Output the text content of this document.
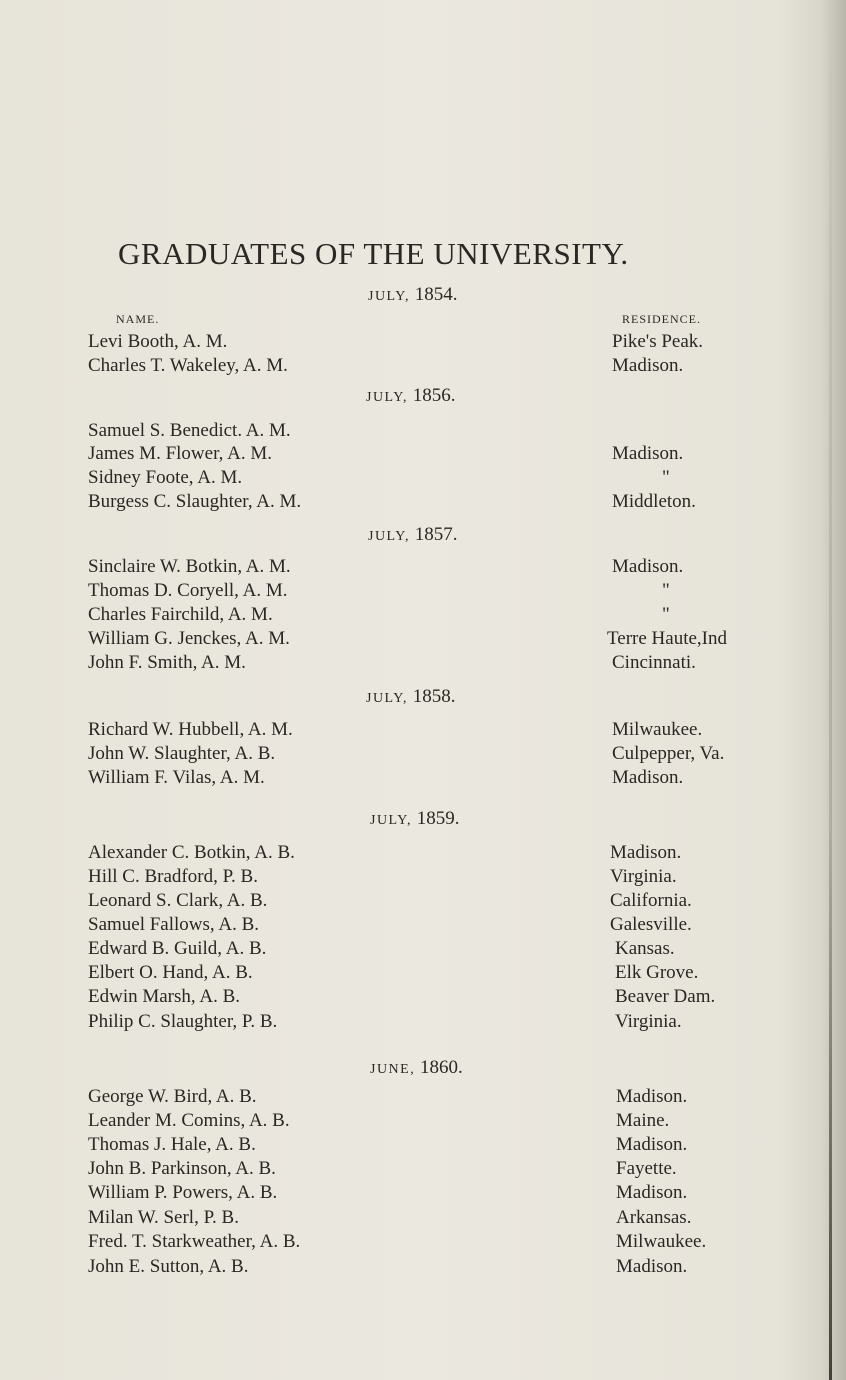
GRADUATES OF THE UNIVERSITY.
NAME.	RESIDENCE.
JULY, 1854.
Levi Booth, A. M.	Pike's Peak.
Charles T. Wakeley, A. M.	Madison.
JULY, 1856.
Samuel S. Benedict. A. M.
James M. Flower, A. M.	Madison.
Sidney Foote, A. M.	"
Burgess C. Slaughter, A. M.	Middleton.
JULY, 1857.
Sinclaire W. Botkin, A. M.	Madison.
Thomas D. Coryell, A. M.	"
Charles Fairchild, A. M.	"
William G. Jenckes, A. M.	Terre Haute,Ind
John F. Smith, A. M.	Cincinnati.
JULY, 1858.
Richard W. Hubbell, A. M.	Milwaukee.
John W. Slaughter, A. B.	Culpepper, Va.
William F. Vilas, A. M.	Madison.
JULY, 1859.
Alexander C. Botkin, A. B.	Madison.
Hill C. Bradford, P. B.	Virginia.
Leonard S. Clark, A. B.	California.
Samuel Fallows, A. B.	Galesville.
Edward B. Guild, A. B.	Kansas.
Elbert O. Hand, A. B.	Elk Grove.
Edwin Marsh, A. B.	Beaver Dam.
Philip C. Slaughter, P. B.	Virginia.
JUNE, 1860.
George W. Bird, A. B.	Madison.
Leander M. Comins, A. B.	Maine.
Thomas J. Hale, A. B.	Madison.
John B. Parkinson, A. B.	Fayette.
William P. Powers, A. B.	Madison.
Milan W. Serl, P. B.	Arkansas.
Fred. T. Starkweather, A. B.	Milwaukee.
John E. Sutton, A. B.	Madison.
